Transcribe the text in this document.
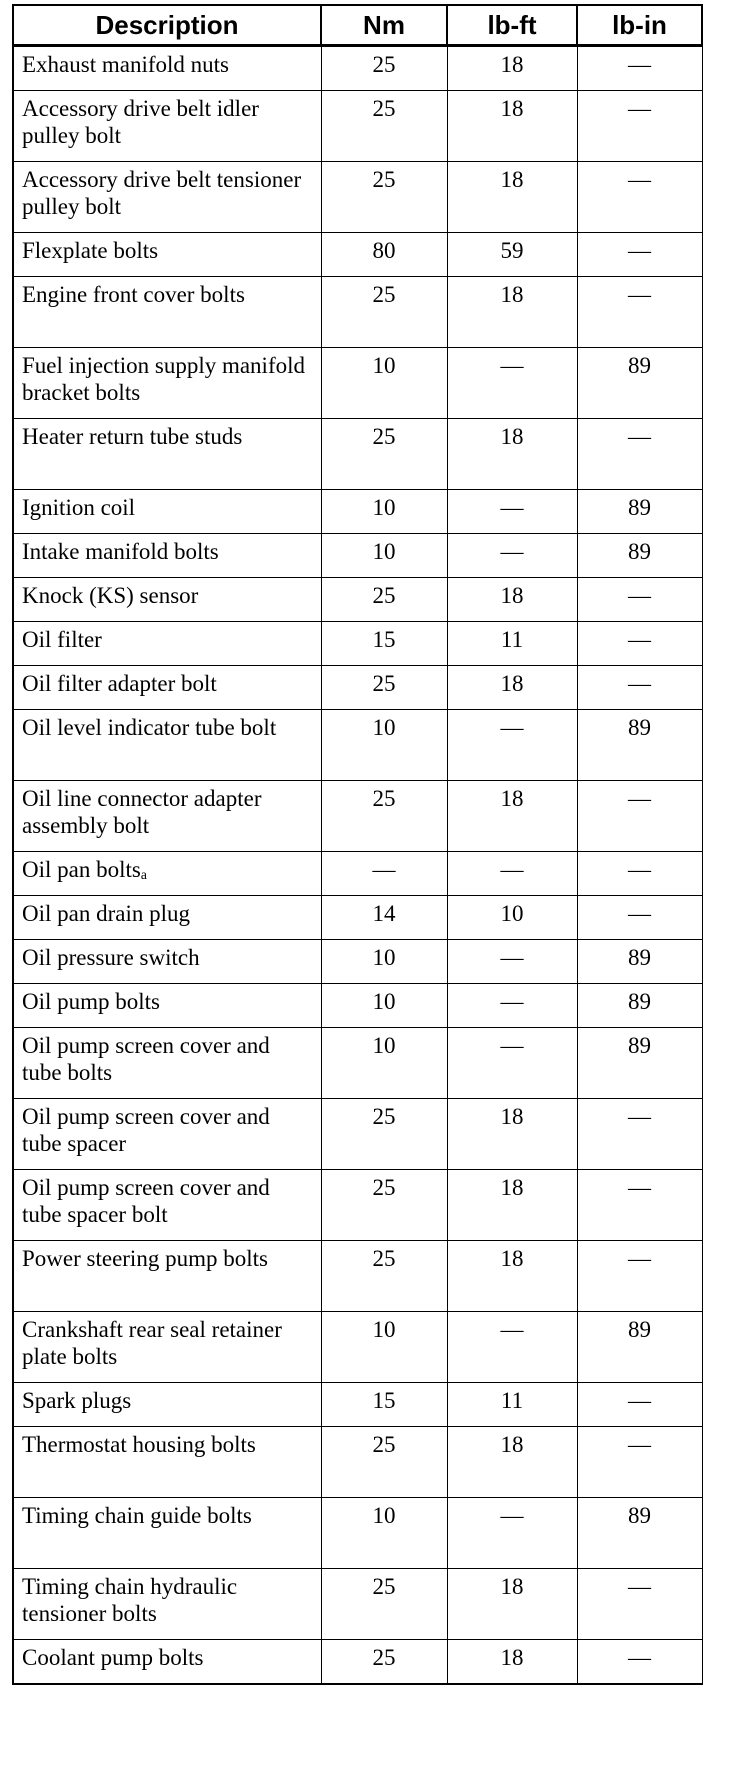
Description	Nm	lb-ft	lb-in
Exhaust manifold nuts	25	18	—
Accessory drive belt idler pulley bolt	25	18	—
Accessory drive belt tensioner pulley bolt	25	18	—
Flexplate bolts	80	59	—
Engine front cover bolts	25	18	—
Fuel injection supply manifold bracket bolts	10	—	89
Heater return tube studs	25	18	—
Ignition coil	10	—	89
Intake manifold bolts	10	—	89
Knock (KS) sensor	25	18	—
Oil filter	15	11	—
Oil filter adapter bolt	25	18	—
Oil level indicator tube bolt	10	—	89
Oil line connector adapter assembly bolt	25	18	—
Oil pan boltsₐ	—	—	—
Oil pan drain plug	14	10	—
Oil pressure switch	10	—	89
Oil pump bolts	10	—	89
Oil pump screen cover and tube bolts	10	—	89
Oil pump screen cover and tube spacer	25	18	—
Oil pump screen cover and tube spacer bolt	25	18	—
Power steering pump bolts	25	18	—
Crankshaft rear seal retainer plate bolts	10	—	89
Spark plugs	15	11	—
Thermostat housing bolts	25	18	—
Timing chain guide bolts	10	—	89
Timing chain hydraulic tensioner bolts	25	18	—
Coolant pump bolts	25	18	—
